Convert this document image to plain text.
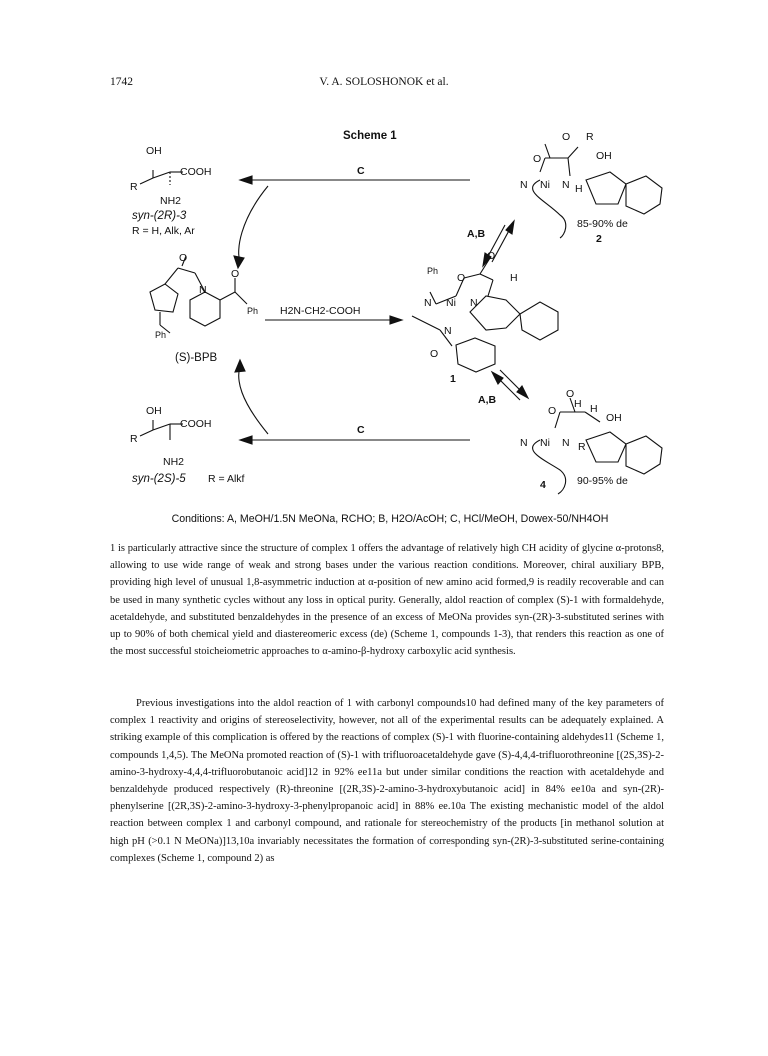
1742	V. A. SOLOSHONOK et al.
Scheme 1
C
C
A,B
A,B
H2N-CH2-COOH
(S)-BPB
1
2
4
85-90% de
90-95% de
syn-(2R)-3
R = H, Alk, Ar
syn-(2S)-5 R = Alkf
OH
COOH
R
NH2
OH
COOH
R
NH2
O
N
O
Ph
Ph
Ph
N Ni N
N
O
O
H
O
O R
OH
O
N Ni N H
O
H H
OH
O
N Ni N R
Conditions: A, MeOH/1.5N MeONa, RCHO; B, H2O/AcOH; C, HCl/MeOH, Dowex-50/NH4OH

1 is particularly attractive since the structure of complex 1 offers the advantage of relatively high CH acidity of glycine α-protons8, allowing to use wide range of weak and strong bases under the various reaction conditions. Moreover, chiral auxiliary BPB, providing high level of unusual 1,8-asymmetric induction at α-position of new amino acid formed,9 is readily recoverable and can be used in many synthetic cycles without any loss in optical purity. Generally, aldol reaction of complex (S)-1 with formaldehyde, acetaldehyde, and substituted benzaldehydes in the presence of an excess of MeONa provides syn-(2R)-3-substituted serines with up to 90% of both chemical yield and diastereomeric excess (de) (Scheme 1, compounds 1-3), that renders this reaction as one of the most successful stoicheiometric approaches to α-amino-β-hydroxy carboxylic acid synthesis.

Previous investigations into the aldol reaction of 1 with carbonyl compounds10 had defined many of the key parameters of complex 1 reactivity and origins of stereoselectivity, however, not all of the experimental results can be adequately explained. A striking example of this complication is offered by the reactions of complex (S)-1 with fluorine-containing aldehydes11 (Scheme 1, compounds 1,4,5). The MeONa promoted reaction of (S)-1 with trifluoroacetaldehyde gave (S)-4,4,4-trifluorothreonine [(2S,3S)-2-amino-3-hydroxy-4,4,4-trifluorobutanoic acid]12 in 92% ee11a but under similar conditions the reaction with acetaldehyde and benzaldehyde produced respectively (R)-threonine [(2R,3S)-2-amino-3-hydroxybutanoic acid] in 84% ee10a and syn-(2R)-phenylserine [(2R,3S)-2-amino-3-hydroxy-3-phenylpropanoic acid] in 88% ee.10a The existing mechanistic model of the aldol reaction between complex 1 and carbonyl compound, and rationale for stereochemistry of the products [in methanol solution at high pH (>0.1 N MeONa)]13,10a invariably necessitates the formation of corresponding syn-(2R)-3-substituted serine-containing complexes (Scheme 1, compound 2) as
